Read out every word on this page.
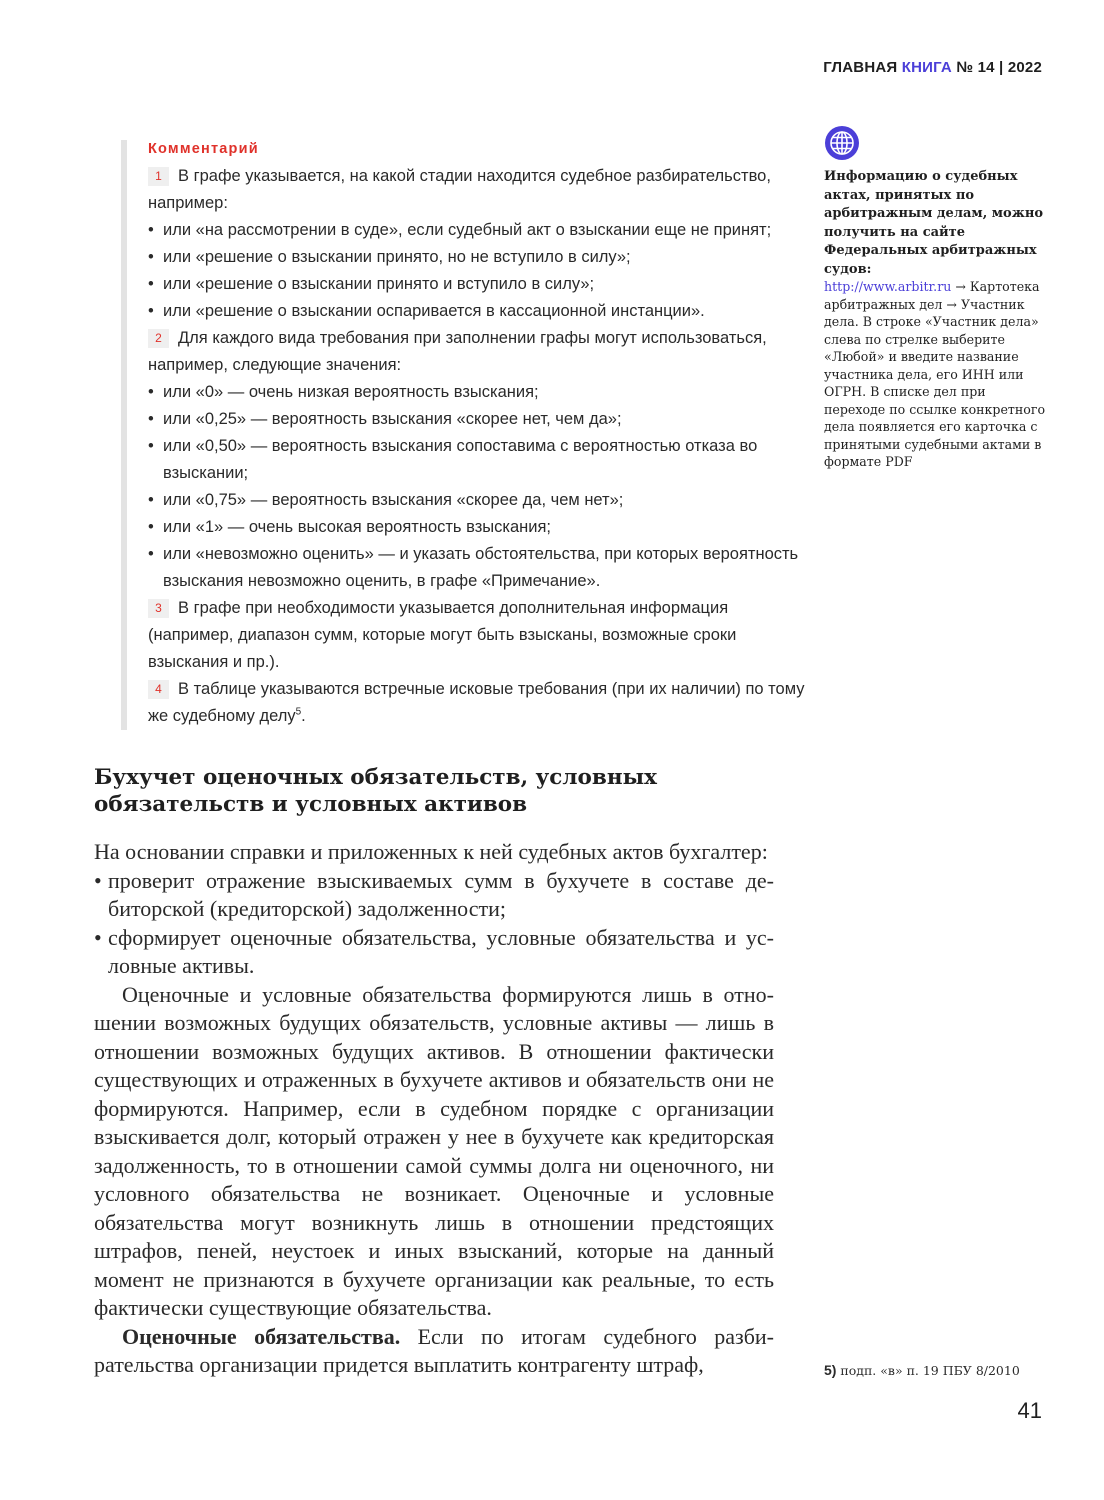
ГЛАВНАЯ КНИГА № 14 | 2022
Комментарий

1 В графе указывается, на какой стадии находится судебное разбирательство, например:

• или «на рассмотрении в суде», если судебный акт о взыскании еще не принят;
• или «решение о взыскании принято, но не вступило в силу»;
• или «решение о взыскании принято и вступило в силу»;
• или «решение о взыскании оспаривается в кассационной инстанции».

2 Для каждого вида требования при заполнении графы могут использоваться, например, следующие значения:

• или «0» — очень низкая вероятность взыскания;
• или «0,25» — вероятность взыскания «скорее нет, чем да»;
• или «0,50» — вероятность взыскания сопоставима с вероятностью отказа во взыскании;
• или «0,75» — вероятность взыскания «скорее да, чем нет»;
• или «1» — очень высокая вероятность взыскания;
• или «невозможно оценить» — и указать обстоятельства, при которых вероятность взыскания невозможно оценить, в графе «Примечание».

3 В графе при необходимости указывается дополнительная информация (например, диапазон сумм, которые могут быть взысканы, возможные сроки взыскания и пр.).

4 В таблице указываются встречные исковые требования (при их наличии) по тому же судебному делу$^5$.

Бухучет оценочных обязательств, условных обязательств и условных активов

На основании справки и приложенных к ней судебных актов бухгалтер:

• проверит отражение взыскиваемых сумм в бухучете в составе дебиторской (кредиторской) задолженности;
• сформирует оценочные обязательства, условные обязательства и условные активы.

Оценочные и условные обязательства формируются лишь в отношении возможных будущих обязательств, условные активы — лишь в отношении возможных будущих активов. В отношении фактически существующих и отраженных в бухучете активов и обязательств они не формируются. Например, если в судебном порядке с организации взыскивается долг, который отражен у нее в бухучете как кредиторская задолженность, то в отношении самой суммы долга ни оценочного, ни условного обязательства не возникает. Оценочные и условные обязательства могут возникнуть лишь в отношении предстоящих штрафов, пеней, неустоек и иных взысканий, которые на данный момент не признаются в бухучете организации как реальные, то есть фактически существующие обязательства.

Оценочные обязательства. Если по итогам судебного разбирательства организации придется выплатить контрагенту штраф,

Информацию о судебных актах, принятых по арбитражным делам, можно получить на сайте Федеральных арбитражных судов:
http://www.arbitr.ru → Картотека арбитражных дел → Участник дела. В строке «Участник дела» слева по стрелке выберите «Любой» и введите название участника дела, его ИНН или ОГРН. В списке дел при переходе по ссылке конкретного дела появляется его карточка с принятыми судебными актами в формате PDF
5) подп. «в» п. 19 ПБУ 8/2010
41
